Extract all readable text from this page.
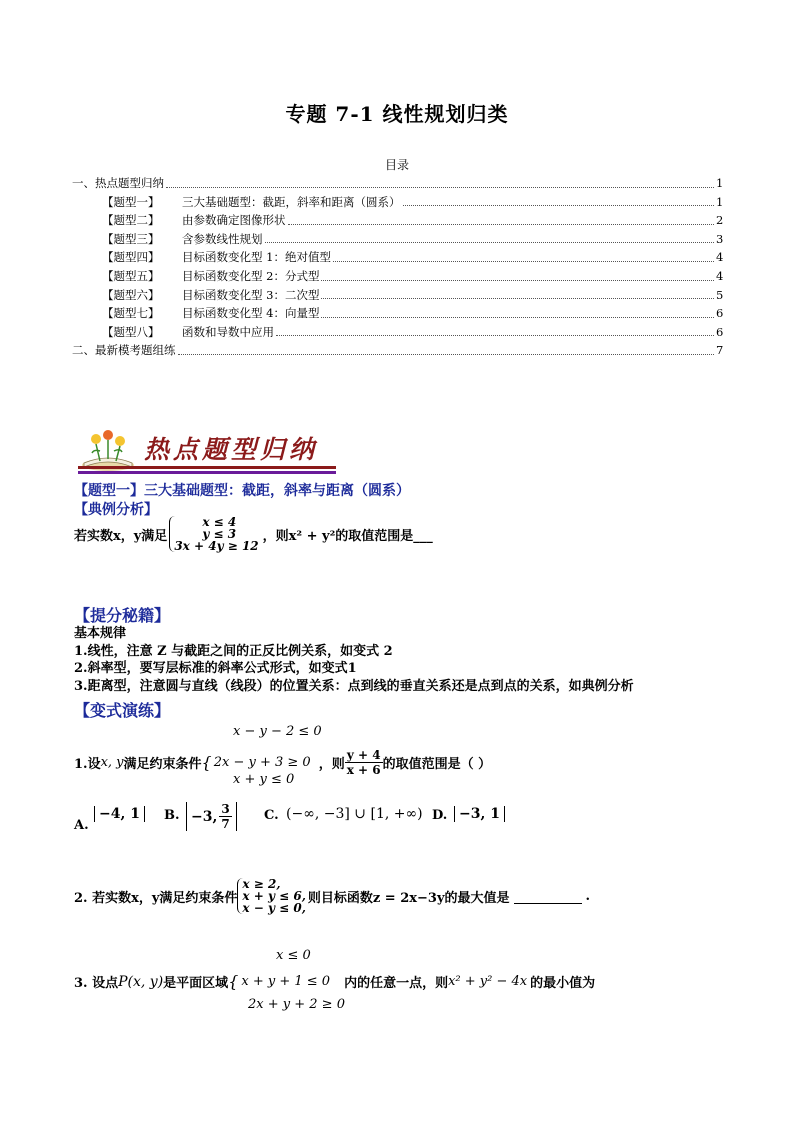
专题 7-1 线性规划归类
目录
一、热点题型归纳	1
【题型一】	三大基础题型：截距，斜率和距离（圆系）	1
【题型二】	由参数确定图像形状	2
【题型三】	含参数线性规划	3
【题型四】	目标函数变化型 1：绝对值型	4
【题型五】	目标函数变化型 2：分式型	4
【题型六】	目标函数变化型 3：二次型	5
【题型七】	目标函数变化型 4：向量型	6
【题型八】	函数和导数中应用	6
二、最新模考题组练	7
热点题型归纳
【题型一】三大基础题型：截距，斜率与距离（圆系）
【典例分析】
若实数x，y满足
x ≤ 4
y ≤ 3
3x + 4y ≥ 12
，则x² + y²的取值范围是___
【提分秘籍】
基本规律
1.线性，注意 Z 与截距之间的正反比例关系，如变式 2
2.斜率型，要写层标准的斜率公式形式，如变式1
3.距离型，注意圆与直线（线段）的位置关系：点到线的垂直关系还是点到点的关系，如典例分析
【变式演练】
x − y − 2 ≤ 0
1.设 x, y 满足约束条件 { 2x − y + 3 ≥ 0 ，则 $\frac{y + 4}{x + 6}$ 的取值范围是（ ）
x + y ≤ 0
A.
−4, 1	B. −3, $\frac{3}{7} C$. (−∞, −3] ∪ [1, +∞) D. −3, 1
2. 若实数x，y满足约束条件
x ≥ 2,
x + y ≤ 6,
x − y ≤ 0,
则目标函数z = 2x−3y的最大值是	.
x ≤ 0
3. 设点 P(x, y) 是平面区域 { x + y + 1 ≤ 0 内的任意一点，则 x² + y² − 4x 的最小值为
2x + y + 2 ≥ 0
